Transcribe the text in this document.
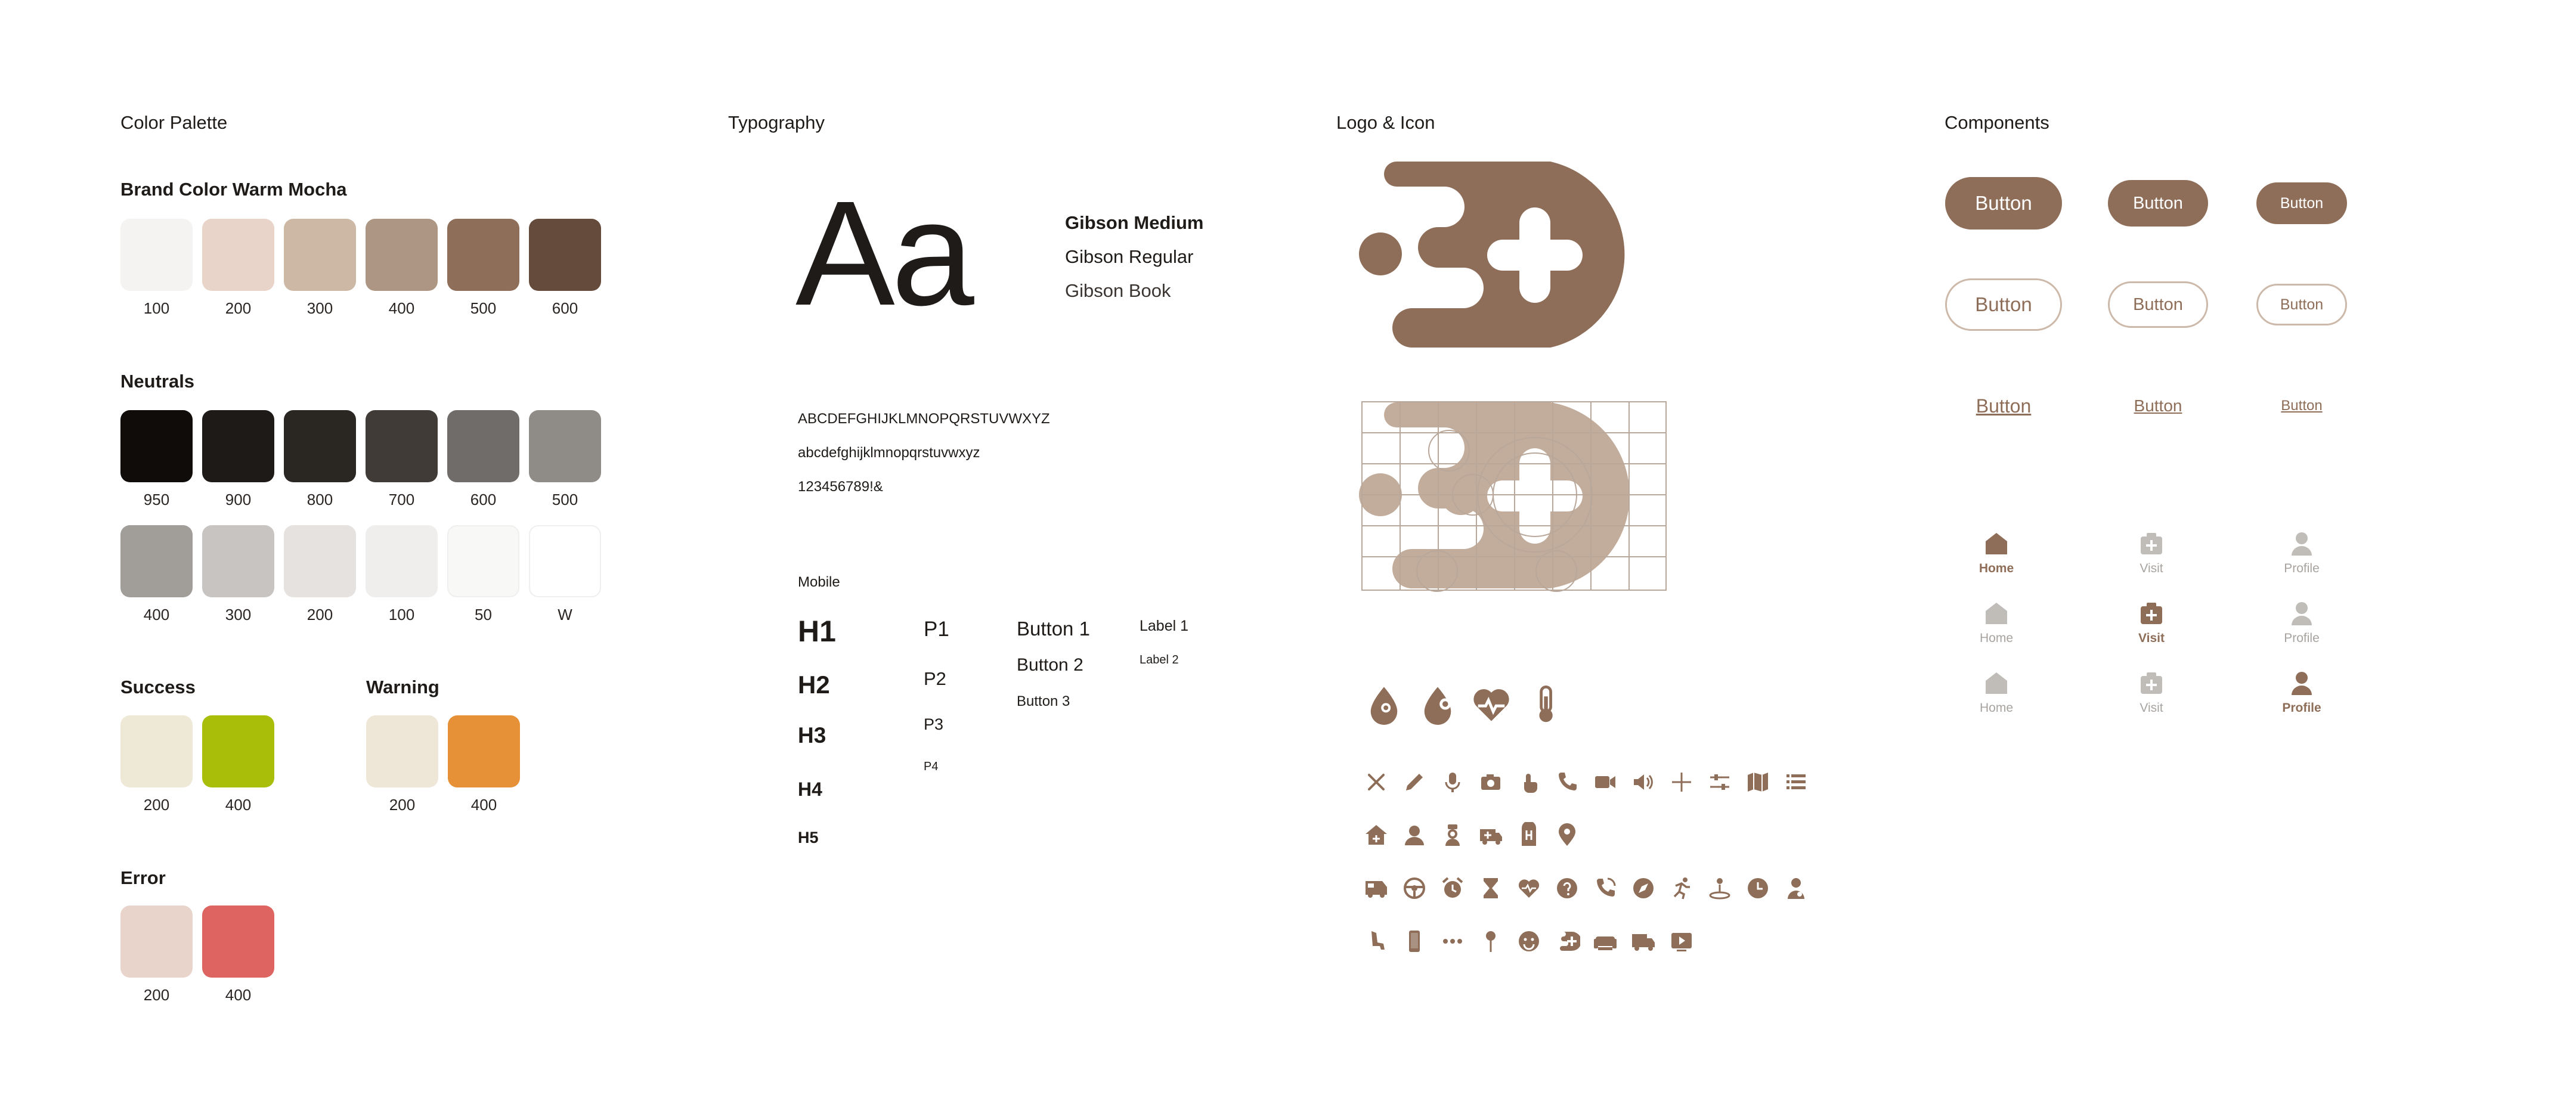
Color Palette
Brand Color Warm Mocha
100	200	300	400	500	600
Neutrals
950	900	800	700	600	500
400	300	200	100	50	W
Success
200	400
Warning
200	400
Error
200	400
Typography
Aa	Gibson Medium
Gibson Regular
Gibson Book
ABCDEFGHIJKLMNOPQRSTUVWXYZ
abcdefghijklmnopqrstuvwxyz
123456789!&
Mobile
H1
H2
H3
H4
H5
P1
P2
P3
P4
Button 1
Button 2
Button 3
Label 1
Label 2
Logo & Icon	Components
Button	Button	Button
Button	Button	Button
Button	Button	Button
Home	Visit	Profile
Home	Visit	Profile
Home	Visit	Profile
